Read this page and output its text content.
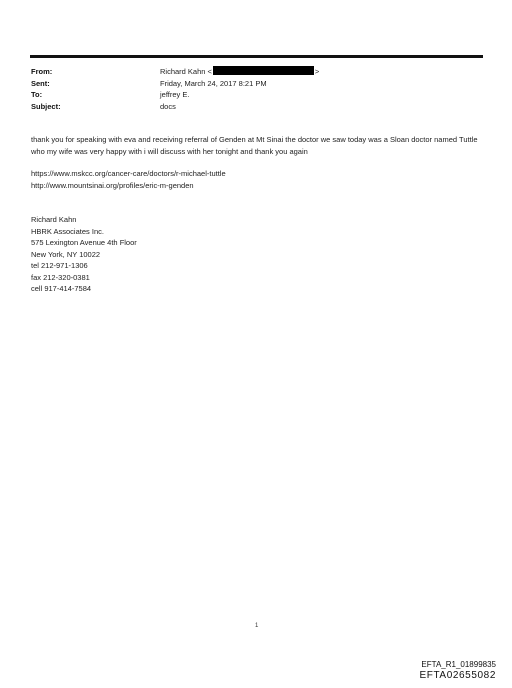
From:	Richard Kahn <	>
Sent:	Friday, March 24, 2017 8:21 PM
To:	jeffrey E.
Subject:	docs
thank you for speaking with eva and receiving referral of Genden at Mt Sinai the doctor we saw today was a Sloan doctor named Tuttle who my wife was very happy with i will discuss with her tonight and thank you again
https://www.mskcc.org/cancer-care/doctors/r-michael-tuttle
http://www.mountsinai.org/profiles/eric-m-genden
Richard Kahn
HBRK Associates Inc.
575 Lexington Avenue 4th Floor
New York, NY 10022
tel 212-971-1306
fax 212-320-0381
cell 917-414-7584
1
EFTA_R1_01899835
EFTA02655082
